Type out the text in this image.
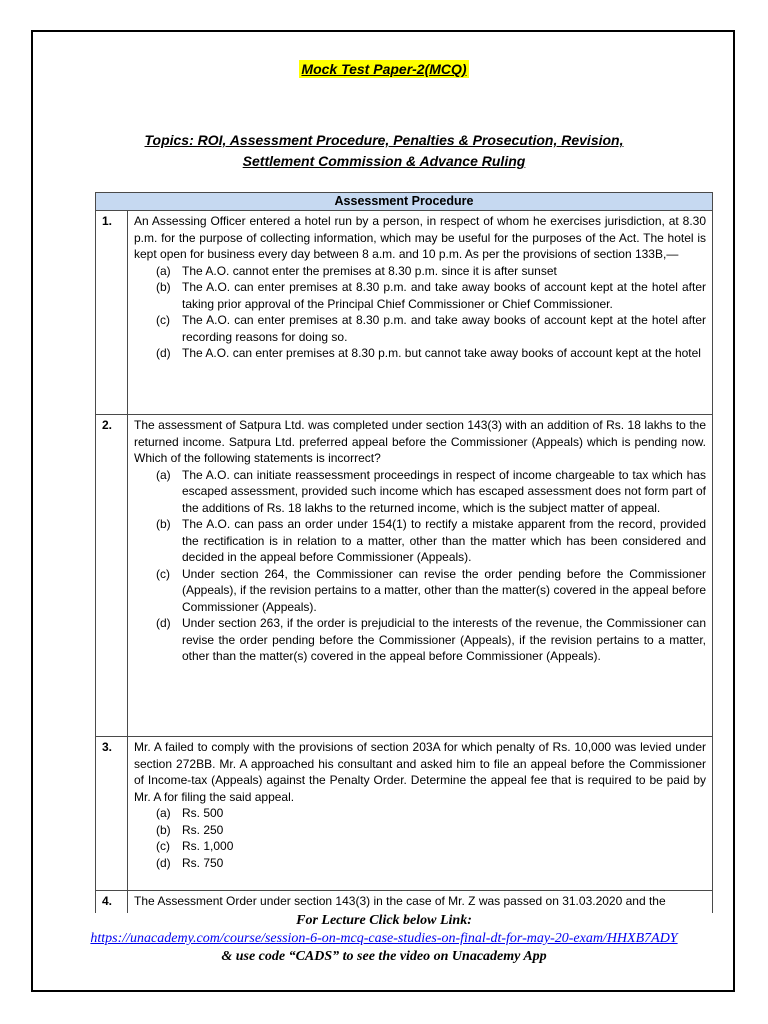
Mock Test Paper-2(MCQ)
Topics: ROI, Assessment Procedure, Penalties & Prosecution, Revision,
Settlement Commission & Advance Ruling
Assessment Procedure
1.	An Assessing Officer entered a hotel run by a person, in respect of whom he exercises jurisdiction, at 8.30 p.m. for the purpose of collecting information, which may be useful for the purposes of the Act. The hotel is kept open for business every day between 8 a.m. and 10 p.m. As per the provisions of section 133B,—
(a) The A.O. cannot enter the premises at 8.30 p.m. since it is after sunset
(b) The A.O. can enter premises at 8.30 p.m. and take away books of account kept at the hotel after taking prior approval of the Principal Chief Commissioner or Chief Commissioner.
(c)	The A.O. can enter premises at 8.30 p.m. and take away books of account kept at the hotel after recording reasons for doing so.
(d) The A.O. can enter premises at 8.30 p.m. but cannot take away books of account kept at the hotel
2.	The assessment of Satpura Ltd. was completed under section 143(3) with an addition of Rs. 18 lakhs to the returned income. Satpura Ltd. preferred appeal before the Commissioner (Appeals) which is pending now. Which of the following statements is incorrect?
(a) The A.O. can initiate reassessment proceedings in respect of income chargeable to tax which has escaped assessment, provided such income which has escaped assessment does not form part of the additions of Rs. 18 lakhs to the returned income, which is the subject matter of appeal.
(b) The A.O. can pass an order under 154(1) to rectify a mistake apparent from the record, provided the rectification is in relation to a matter, other than the matter which has been considered and decided in the appeal before Commissioner (Appeals).
(c)	Under section 264, the Commissioner can revise the order pending before the Commissioner (Appeals), if the revision pertains to a matter, other than the matter(s) covered in the appeal before Commissioner (Appeals).
(d) Under section 263, if the order is prejudicial to the interests of the revenue, the Commissioner can revise the order pending before the Commissioner (Appeals), if the revision pertains to a matter, other than the matter(s) covered in the appeal before Commissioner (Appeals).
3.	Mr. A failed to comply with the provisions of section 203A for which penalty of Rs. 10,000 was levied under section 272BB. Mr. A approached his consultant and asked him to file an appeal before the Commissioner of Income-tax (Appeals) against the Penalty Order. Determine the appeal fee that is required to be paid by Mr. A for filing the said appeal.
(a) Rs. 500
(b) Rs. 250
(c)	Rs. 1,000
(d) Rs. 750
4.	The Assessment Order under section 143(3) in the case of Mr. Z was passed on 31.03.2020 and the
For Lecture Click below Link:
https://unacademy.com/course/session-6-on-mcq-case-studies-on-final-dt-for-may-20-exam/HHXB7ADY
& use code “CADS” to see the video on Unacademy App
